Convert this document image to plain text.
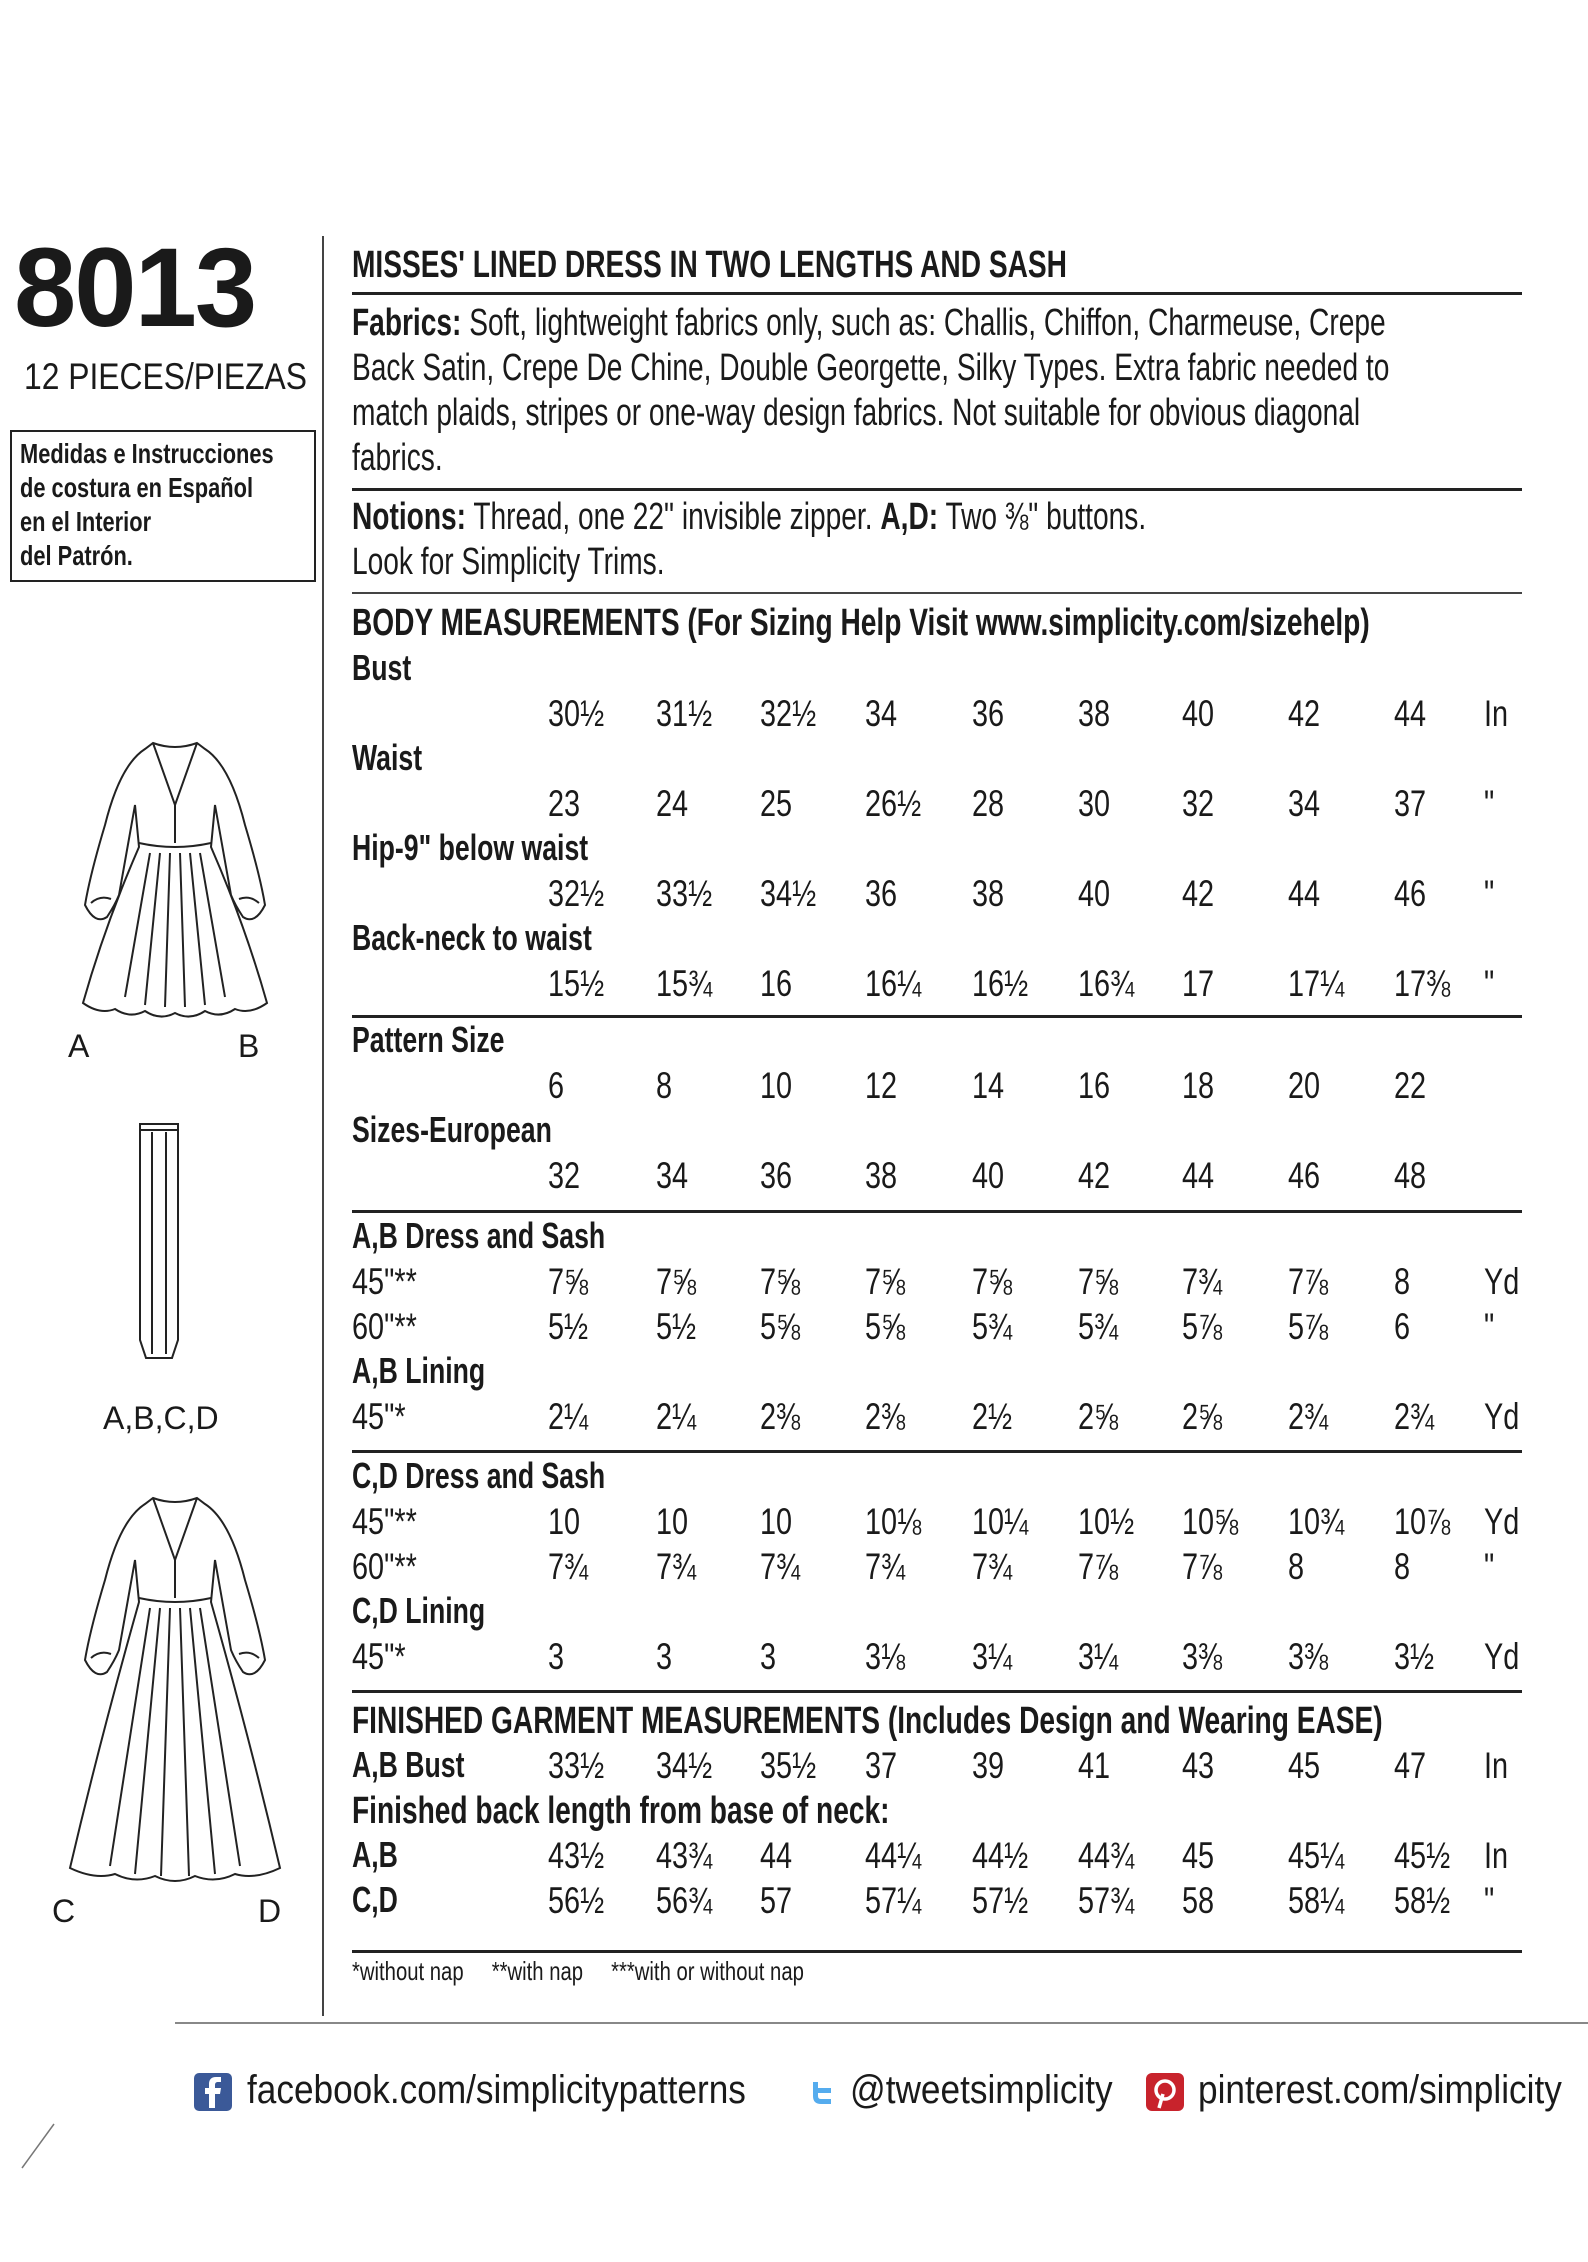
8013
12 PIECES/PIEZAS
Medidas e Instrucciones
de costura en Español
en el Interior
del Patrón.
A	B
A,B,C,D
C	D
MISSES' LINED DRESS IN TWO LENGTHS AND SASH
Fabrics: Soft, lightweight fabrics only, such as: Challis, Chiffon, Charmeuse, Crepe
Back Satin, Crepe De Chine, Double Georgette, Silky Types. Extra fabric needed to
match plaids, stripes or one-way design fabrics. Not suitable for obvious diagonal
fabrics.
Notions: Thread, one 22" invisible zipper. A,D: Two ⅜" buttons.
Look for Simplicity Trims.
BODY MEASUREMENTS (For Sizing Help Visit www.simplicity.com/sizehelp)
Bust
30½ 31½ 32½ 34 36 38 40 42 44 In
Waist
23 24 25 26½ 28 30 32 34 37 "
Hip-9" below waist
32½ 33½ 34½ 36 38 40 42 44 46 "
Back-neck to waist
15½ 15¾ 16 16¼ 16½ 16¾ 17 17¼ 17⅜ "
Pattern Size
6 8 10 12 14 16 18 20 22
Sizes-European
32 34 36 38 40 42 44 46 48
A,B Dress and Sash
45"**	7⅝ 7⅝ 7⅝ 7⅝ 7⅝ 7⅝ 7¾ 7⅞ 8 Yd
60"**	5½ 5½ 5⅝ 5⅝ 5¾ 5¾ 5⅞ 5⅞ 6 "
A,B Lining
45"*	2¼ 2¼ 2⅜ 2⅜ 2½ 2⅝ 2⅝ 2¾ 2¾ Yd
C,D Dress and Sash
45"**	10 10 10 10⅛ 10¼ 10½ 10⅝ 10¾ 10⅞ Yd
60"**	7¾ 7¾ 7¾ 7¾ 7¾ 7⅞ 7⅞ 8 8 "
C,D Lining
45"*	3 3 3 3⅛ 3¼ 3¼ 3⅜ 3⅜ 3½ Yd
A,B Bust 33½ 34½ 35½ 37 39 41 43 45 47 In
A,B	43½ 43¾ 44 44¼ 44½ 44¾ 45 45¼ 45½ In
C,D	56½ 56¾ 57 57¼ 57½ 57¾ 58 58¼ 58½ "
FINISHED GARMENT MEASUREMENTS (Includes Design and Wearing EASE)
Finished back length from base of neck:
*without nap **with nap ***with or without nap
facebook.com/simplicitypatterns	@tweetsimplicity pinterest.com/simplicity
